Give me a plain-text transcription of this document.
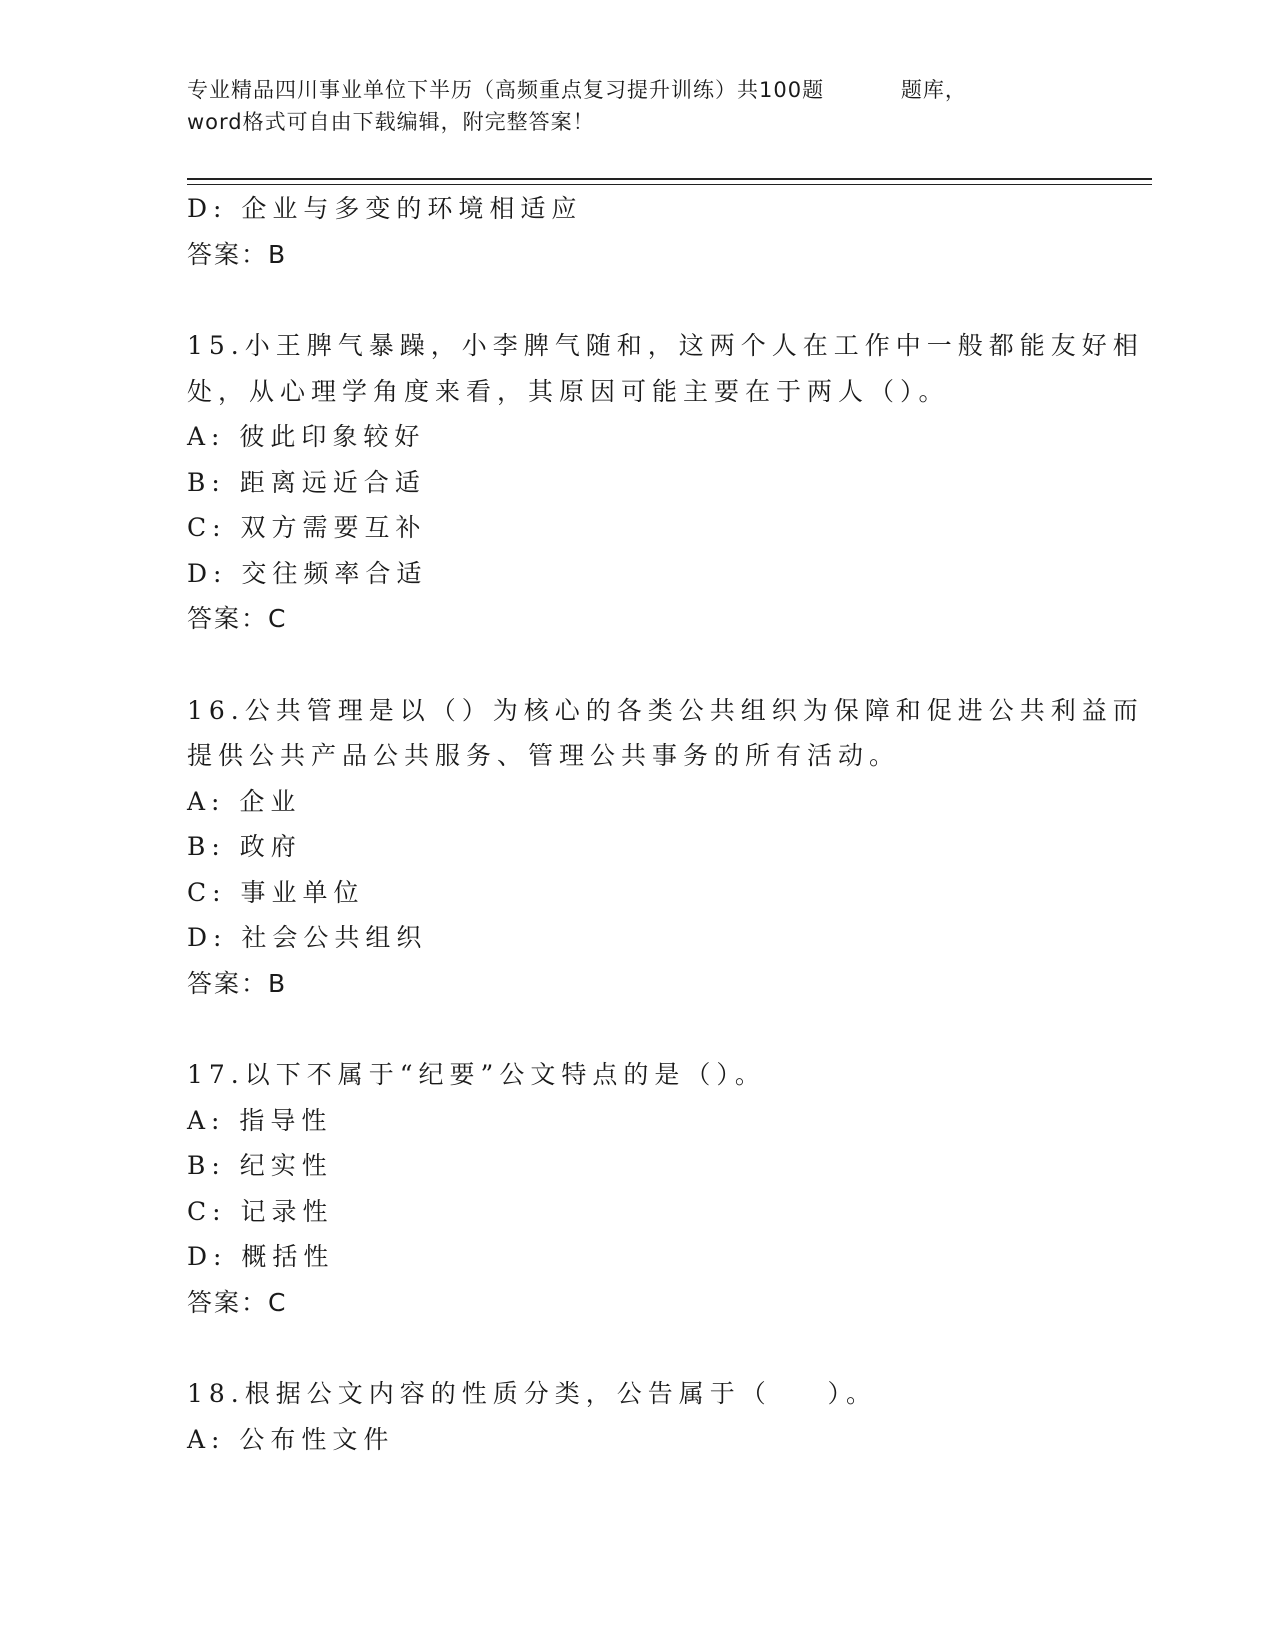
专业精品四川事业单位下半历（高频重点复习提升训练）共100题          题库，
word格式可自由下载编辑，附完整答案！
D: 企业与多变的环境相适应
答案：B
15.小王脾气暴躁，小李脾气随和，这两个人在工作中一般都能友好相
处，从心理学角度来看，其原因可能主要在于两人（）。
A: 彼此印象较好
B: 距离远近合适
C: 双方需要互补
D: 交往频率合适
答案：C
16.公共管理是以（）为核心的各类公共组织为保障和促进公共利益而
提供公共产品公共服务、管理公共事务的所有活动。
A: 企业
B: 政府
C: 事业单位
D: 社会公共组织
答案：B
17.以下不属于“纪要”公文特点的是（）。
A: 指导性
B: 纪实性
C: 记录性
D: 概括性
答案：C
18.根据公文内容的性质分类，公告属于（    ）。
A: 公布性文件
